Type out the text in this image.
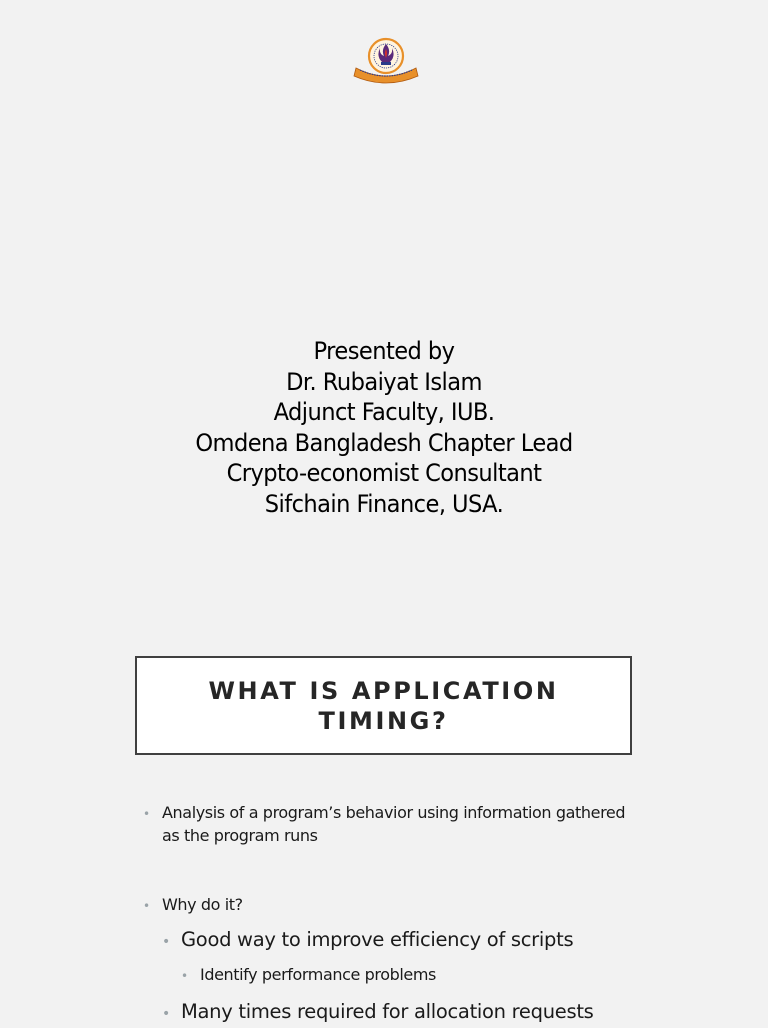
Presented by
Dr. Rubaiyat Islam
Adjunct Faculty, IUB.
Omdena Bangladesh Chapter Lead
Crypto-economist Consultant
Sifchain Finance, USA.
WHAT IS APPLICATION
TIMING?
• Analysis of a program’s behavior using information gathered as the program runs
• Why do it?
• Good way to improve efficiency of scripts
• Identify performance problems
• Many times required for allocation requests
